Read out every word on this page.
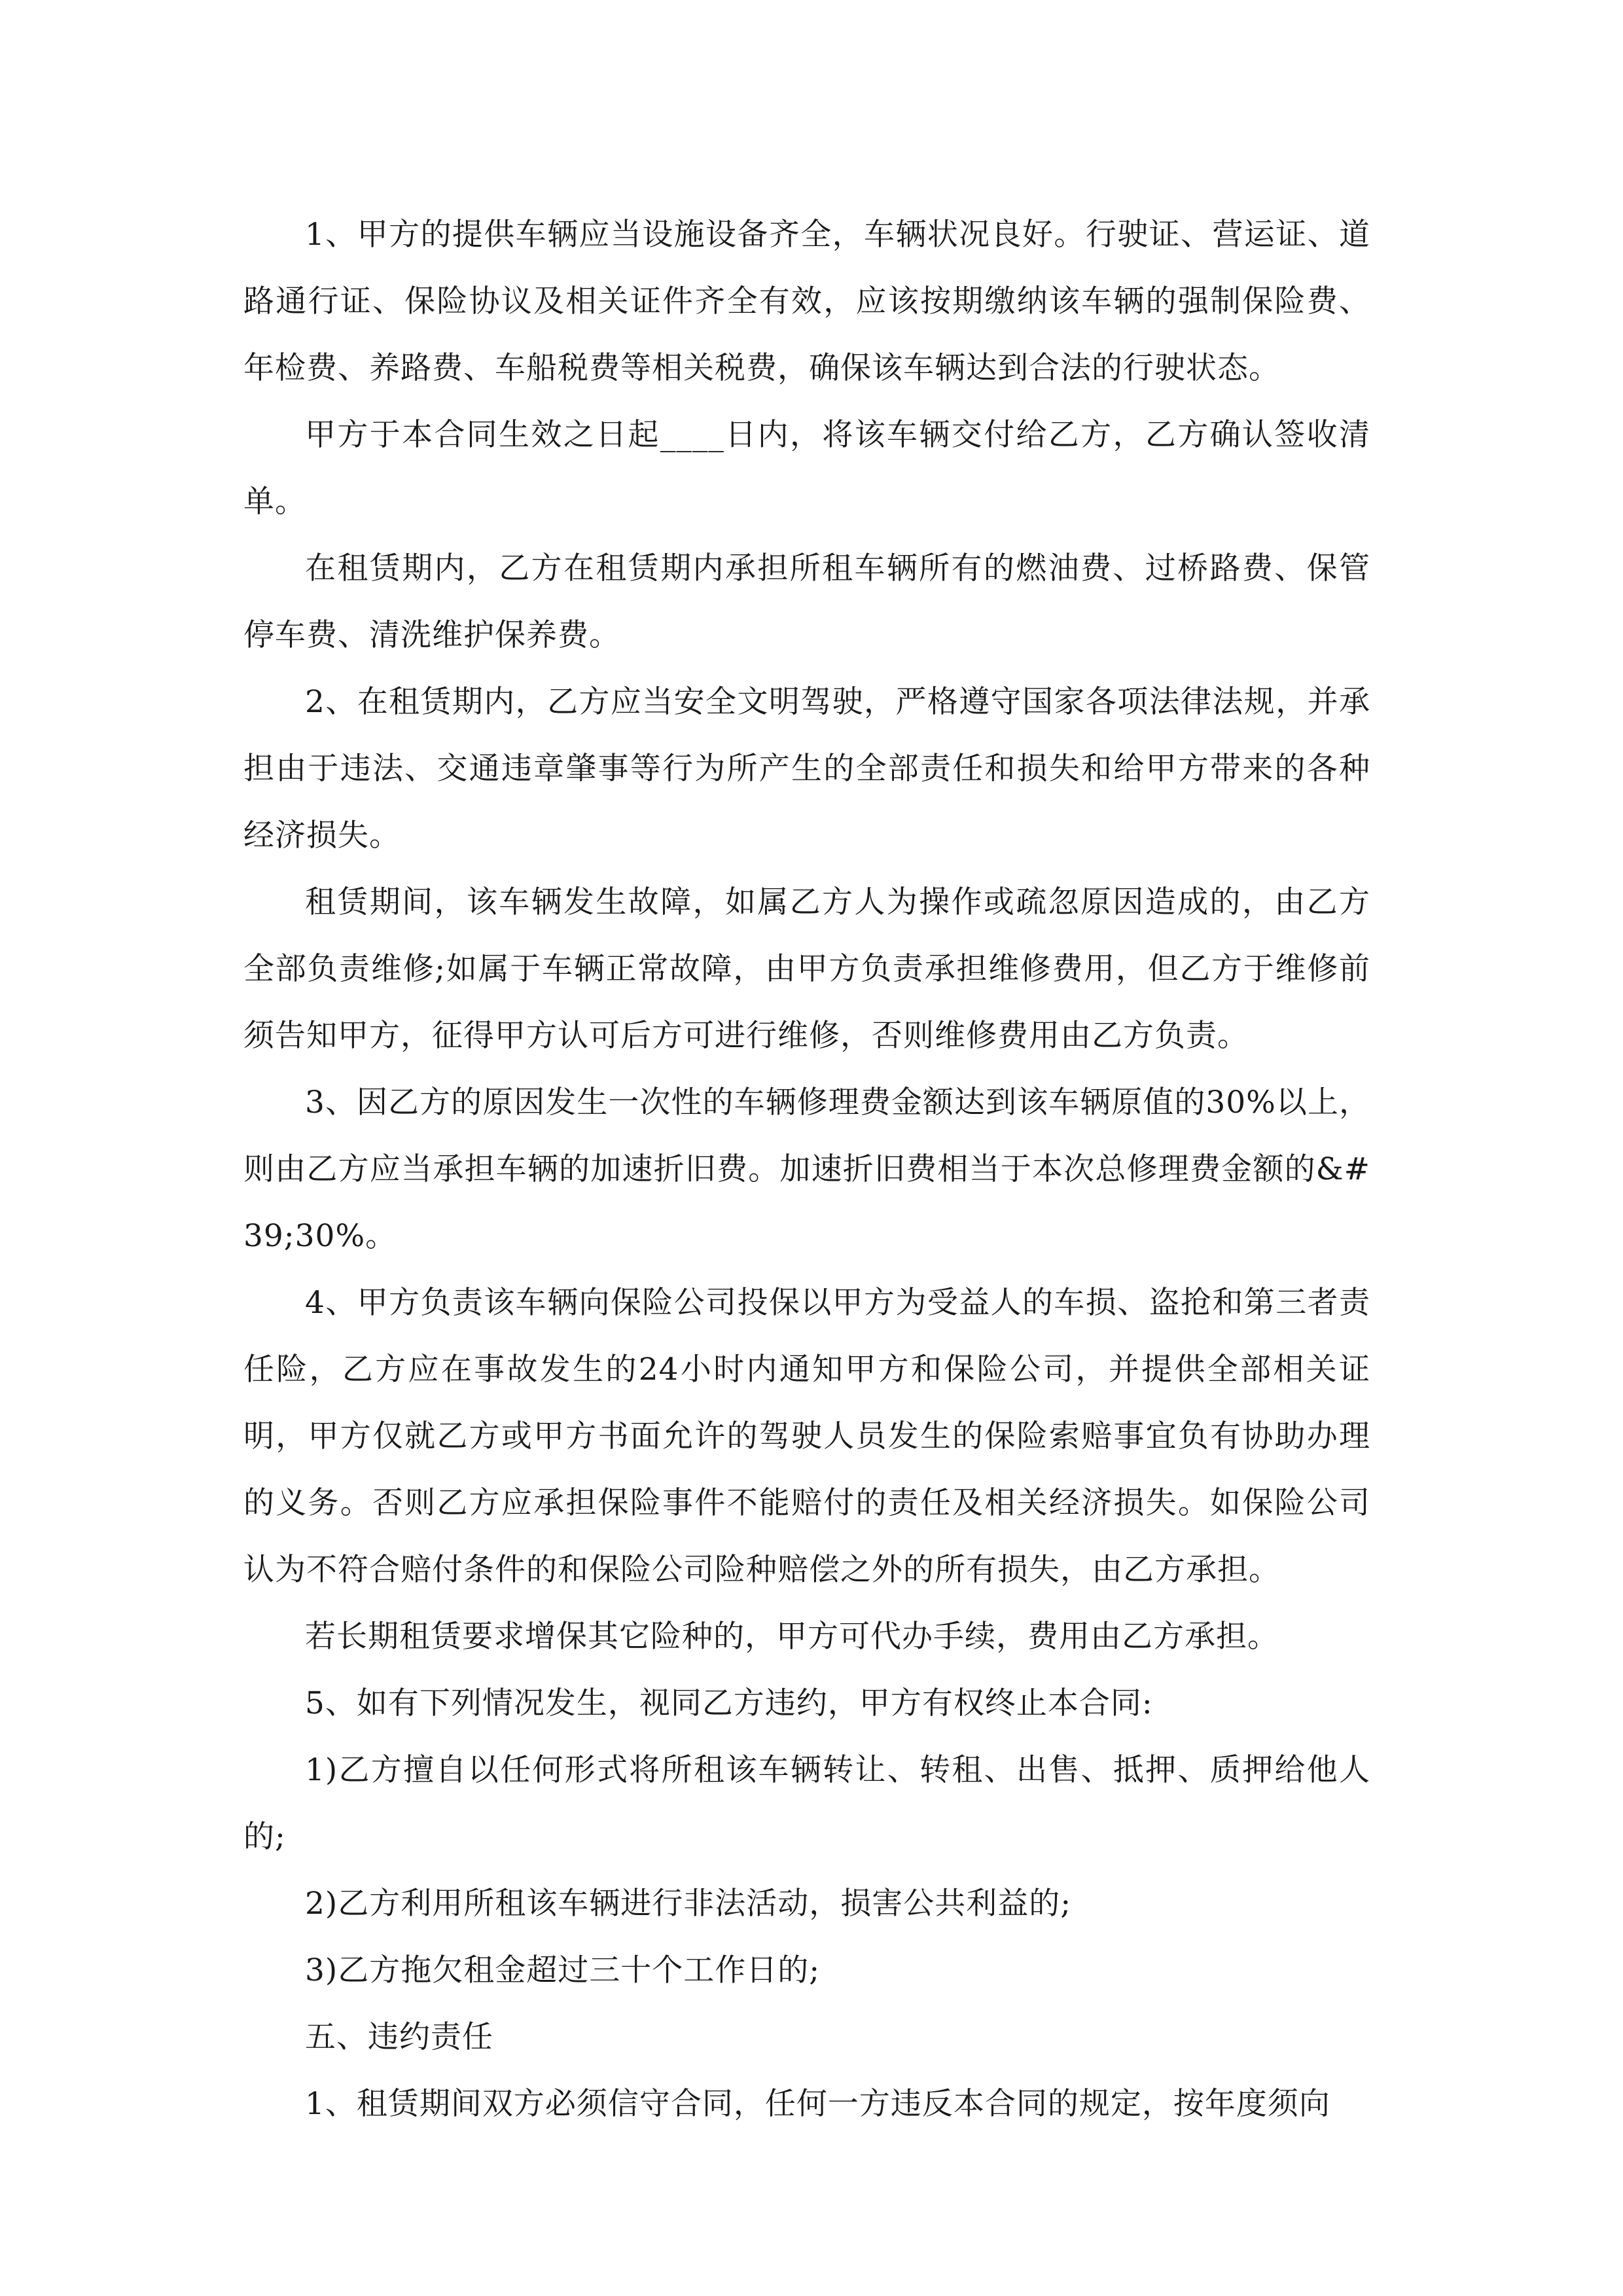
1、甲方的提供车辆应当设施设备齐全，车辆状况良好。行驶证、营运证、道路通行证、保险协议及相关证件齐全有效，应该按期缴纳该车辆的强制保险费、年检费、养路费、车船税费等相关税费，确保该车辆达到合法的行驶状态。

甲方于本合同生效之日起____日内，将该车辆交付给乙方，乙方确认签收清单。

在租赁期内，乙方在租赁期内承担所租车辆所有的燃油费、过桥路费、保管停车费、清洗维护保养费。

2、在租赁期内，乙方应当安全文明驾驶，严格遵守国家各项法律法规，并承担由于违法、交通违章肇事等行为所产生的全部责任和损失和给甲方带来的各种经济损失。

租赁期间，该车辆发生故障，如属乙方人为操作或疏忽原因造成的，由乙方全部负责维修;如属于车辆正常故障，由甲方负责承担维修费用，但乙方于维修前须告知甲方，征得甲方认可后方可进行维修，否则维修费用由乙方负责。

3、因乙方的原因发生一次性的车辆修理费金额达到该车辆原值的30%以上，则由乙方应当承担车辆的加速折旧费。加速折旧费相当于本次总修理费金额的&#39;30%。

4、甲方负责该车辆向保险公司投保以甲方为受益人的车损、盗抢和第三者责任险，乙方应在事故发生的24小时内通知甲方和保险公司，并提供全部相关证明，甲方仅就乙方或甲方书面允许的驾驶人员发生的保险索赔事宜负有协助办理的义务。否则乙方应承担保险事件不能赔付的责任及相关经济损失。如保险公司认为不符合赔付条件的和保险公司险种赔偿之外的所有损失，由乙方承担。

若长期租赁要求增保其它险种的，甲方可代办手续，费用由乙方承担。

5、如有下列情况发生，视同乙方违约，甲方有权终止本合同:

1)乙方擅自以任何形式将所租该车辆转让、转租、出售、抵押、质押给他人的;

2)乙方利用所租该车辆进行非法活动，损害公共利益的;

3)乙方拖欠租金超过三十个工作日的;

五、违约责任

1、租赁期间双方必须信守合同，任何一方违反本合同的规定，按年度须向
